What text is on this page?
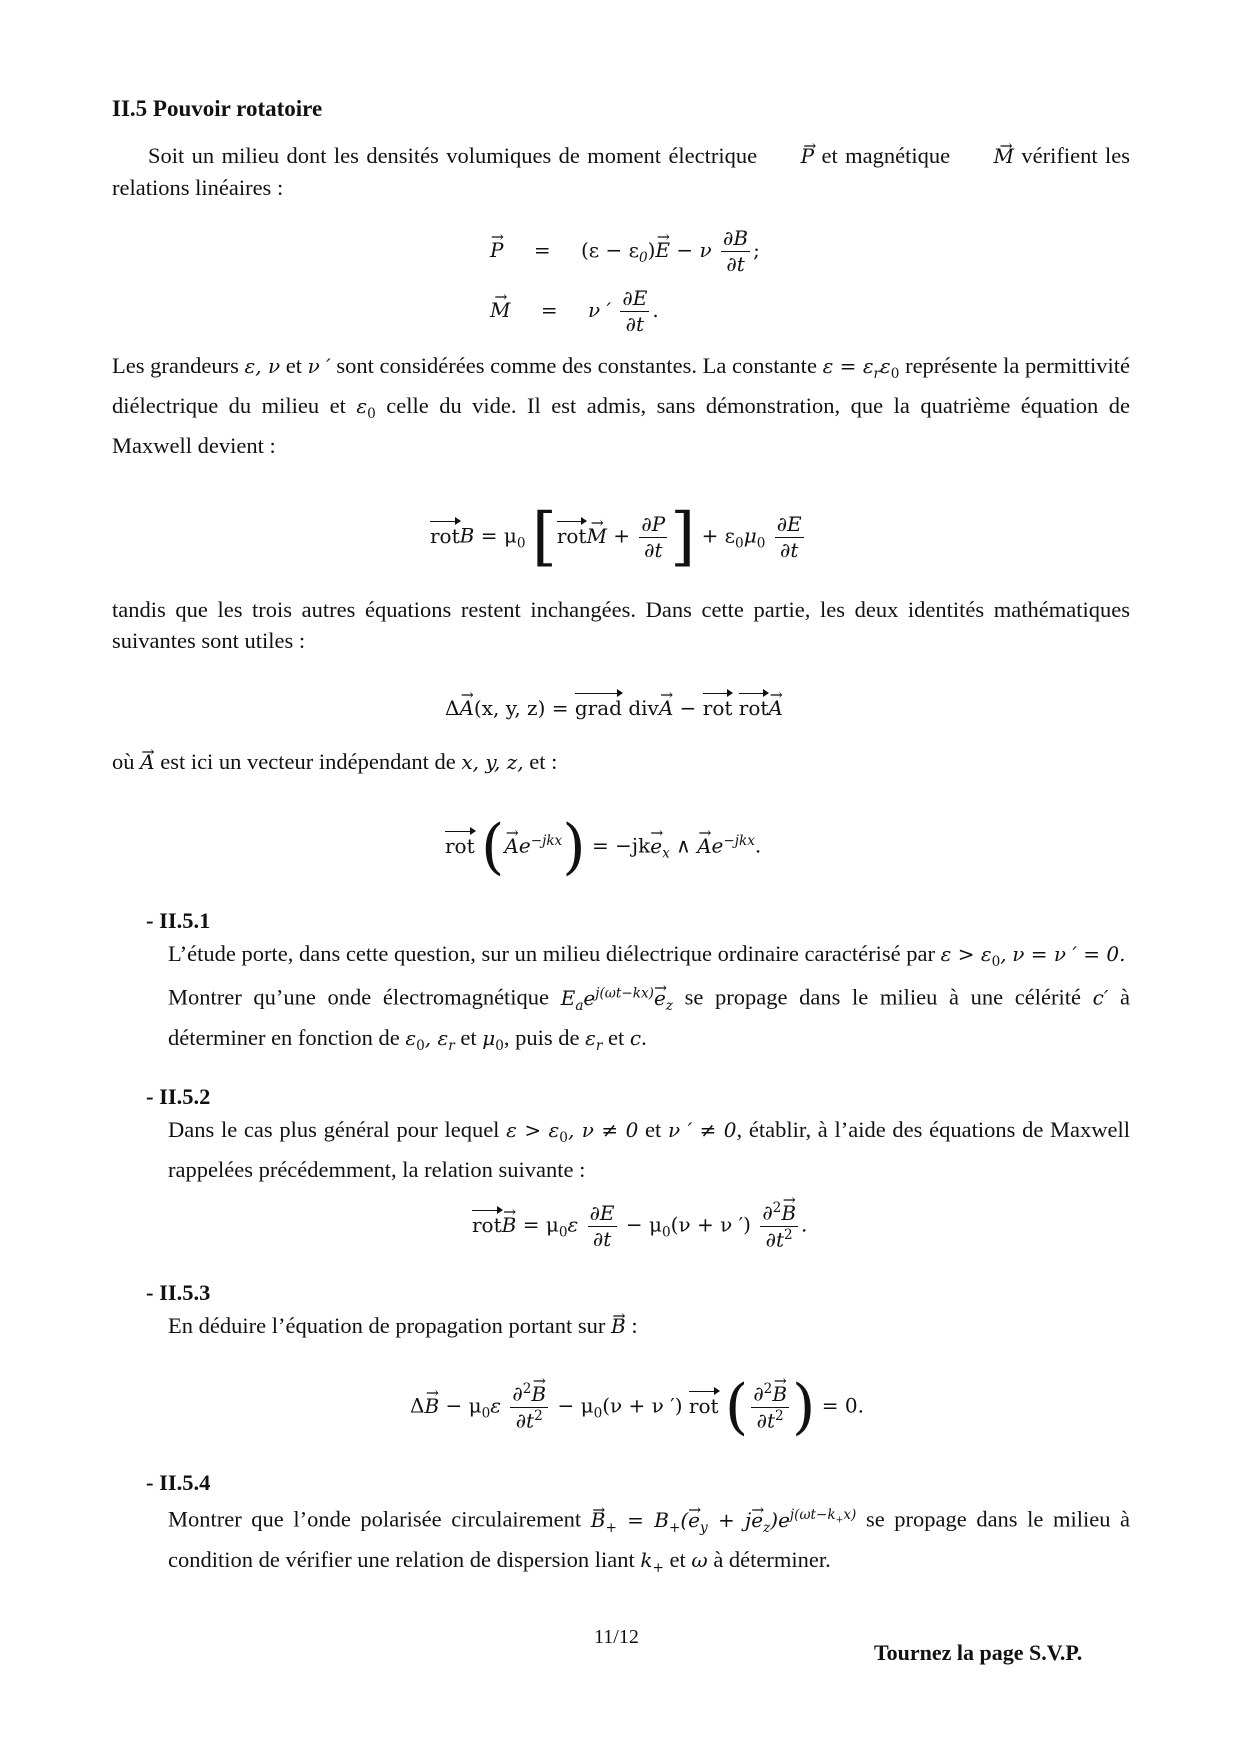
II.5 Pouvoir rotatoire
Soit un milieu dont les densités volumiques de moment électrique → P et magnétique → M vérifient les relations linéaires :
→ $P = (\varepsilon - \varepsilon_0)\to E - \nu \frac{\partial B}{\partial t}$ ;
→ M = ν ′ $\frac{\partial E}{\partial t}$ .
Les grandeurs ε, ν et ν ′ sont considérées comme des constantes. La constante $\varepsilon = \varepsilon_r\varepsilon_0$ représente la permittivité diélectrique du milieu et $\varepsilon_0$ celle du vide. Il est admis, sans démonstration, que la quatrième équation de Maxwell devient :
rotB = $\mu_0$ [$rot\to M + \frac{\partial P}{\partial t}$ ] + $\varepsilon_0\mu_0 \frac{\partial E}{\partial t}$
tandis que les trois autres équations restent inchangées. Dans cette partie, les deux identités mathématiques suivantes sont utiles :
Δ→ A(x, y, z) = grad div→ A − rot rot→ A
où → A est ici un vecteur indépendant de x, y, z, et :
rot (→ $Ae^{-jkx}) = -jk\to e_x$ ∧ → $Ae^{-jkx}$.
- II.5.1
L’étude porte, dans cette question, sur un milieu diélectrique ordinaire caractérisé par $\varepsilon > \varepsilon_0$, ν = ν ′ = 0.
Montrer qu’une onde électromagnétique $E_ae^{j(\omega t-kx)}\to e_z$ se propage dans le milieu à une célérité c′ à déterminer en fonction de $\varepsilon_0$, $\varepsilon_r$ et $\mu_0$, puis de $\varepsilon_r$ et c.
- II.5.2
Dans le cas plus général pour lequel $\varepsilon > \varepsilon_0$, ν ≠ 0 et ν ′ ≠ 0, établir, à l’aide des équations de Maxwell rappelées précédemment, la relation suivante :
$rot\to B = \mu_0\varepsilon \frac{\partial E}{\partial t} - \mu_0(\nu + \nu$ ′) $\frac{\partial^2\to B}{\partial t^2}$ .
- II.5.3
En déduire l’équation de propagation portant sur → B :
$\Delta\to B - \mu_0\varepsilon \frac{\partial^2\to B}{\partial t^2} - \mu_0(\nu + \nu$ ′) rot ( $\frac{\partial^2\to B}{\partial t^2}$ ) = 0.
- II.5.4
Montrer que l’onde polarisée circulairement → $B_+ = B_+(\to e_y + j\to e_z)e^{j(\omega t-k_+x)}$ se propage dans le milieu à condition de vérifier une relation de dispersion liant $k_+$ et ω à déterminer.
11/12
Tournez la page S.V.P.
